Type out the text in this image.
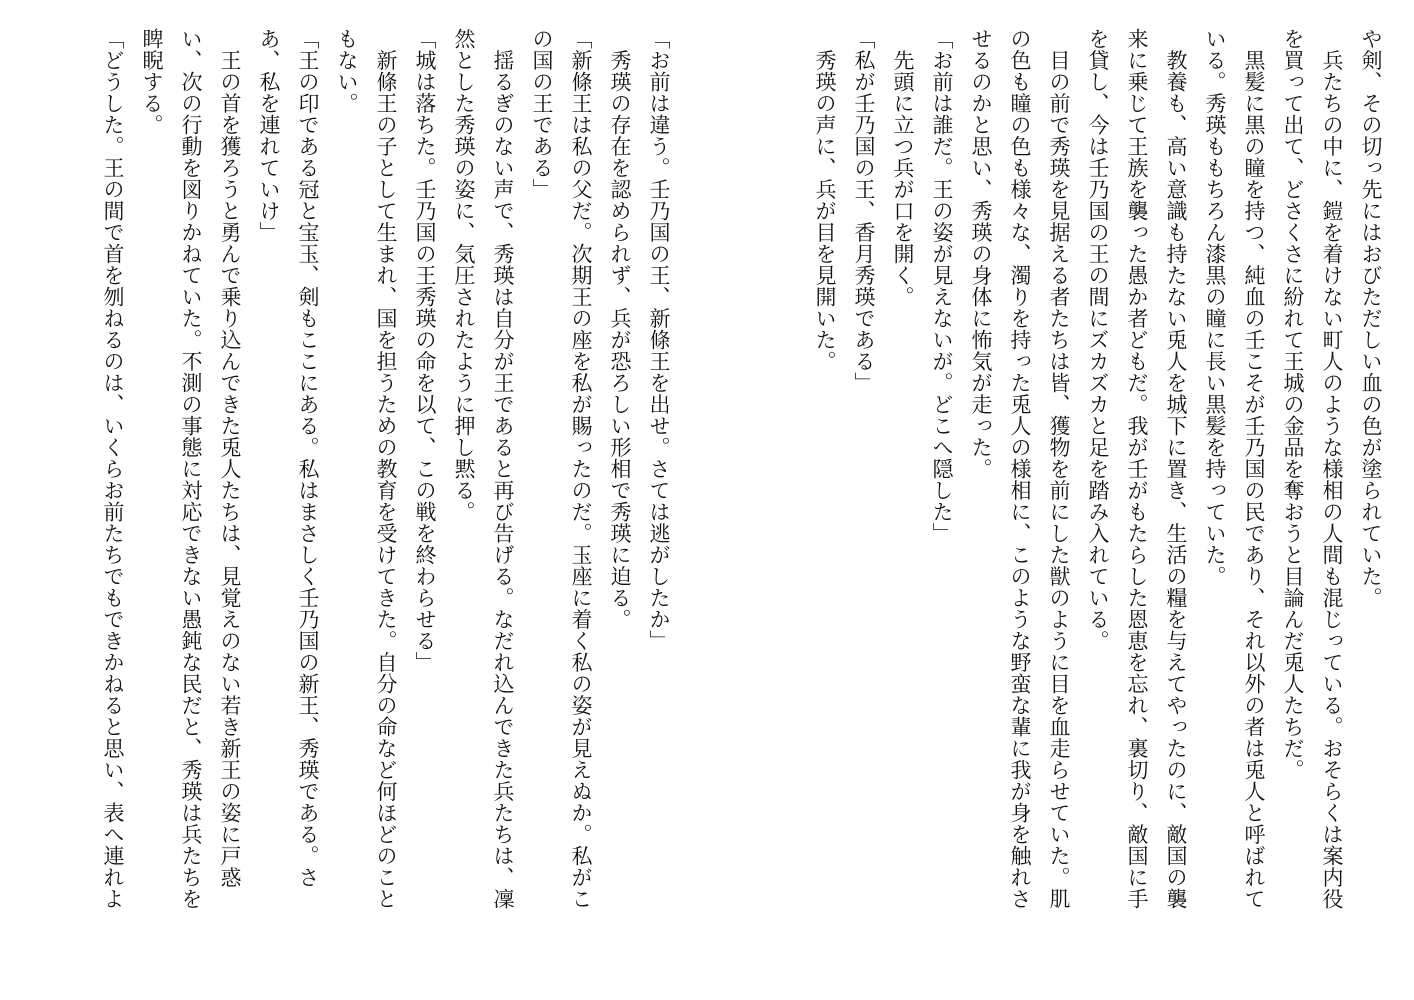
や剣、その切っ先にはおびただしい血の色が塗られていた。
　兵たちの中に、鎧を着けない町人のような様相の人間も混じっている。おそらくは案内役
を買って出て、どさくさに紛れて王城の金品を奪おうと目論んだ兎人たちだ。
　黒髪に黒の瞳を持つ、純血の壬こそが壬乃国の民であり、それ以外の者は兎人と呼ばれて
いる。秀瑛ももちろん漆黒の瞳に長い黒髪を持っていた。
　教養も、高い意識も持たない兎人を城下に置き、生活の糧を与えてやったのに、敵国の襲
来に乗じて王族を襲った愚か者どもだ。我が壬がもたらした恩恵を忘れ、裏切り、敵国に手
を貸し、今は壬乃国の王の間にズカズカと足を踏み入れている。
　目の前で秀瑛を見据える者たちは皆、獲物を前にした獣のように目を血走らせていた。肌
の色も瞳の色も様々な、濁りを持った兎人の様相に、このような野蛮な輩に我が身を触れさ
せるのかと思い、秀瑛の身体に怖気が走った。
「お前は誰だ。王の姿が見えないが。どこへ隠した」
　先頭に立つ兵が口を開く。
「私が壬乃国の王、香月秀瑛である」
　秀瑛の声に、兵が目を見開いた。
「お前は違う。壬乃国の王、新條王を出せ。さては逃がしたか」
　秀瑛の存在を認められず、兵が恐ろしい形相で秀瑛に迫る。
「新條王は私の父だ。次期王の座を私が賜ったのだ。玉座に着く私の姿が見えぬか。私がこ
の国の王である」
　揺るぎのない声で、秀瑛は自分が王であると再び告げる。なだれ込んできた兵たちは、凜
然とした秀瑛の姿に、気圧されたように押し黙る。
「城は落ちた。壬乃国の王秀瑛の命を以て、この戦を終わらせる」
　新條王の子として生まれ、国を担うための教育を受けてきた。自分の命など何ほどのこと
もない。
「王の印である冠と宝玉、剣もここにある。私はまさしく壬乃国の新王、秀瑛である。さ
あ、私を連れていけ」
　王の首を獲ろうと勇んで乗り込んできた兎人たちは、見覚えのない若き新王の姿に戸惑
い、次の行動を図りかねていた。不測の事態に対応できない愚鈍な民だと、秀瑛は兵たちを
睥睨する。
「どうした。王の間で首を刎ねるのは、いくらお前たちでもできかねると思い、表へ連れよ
